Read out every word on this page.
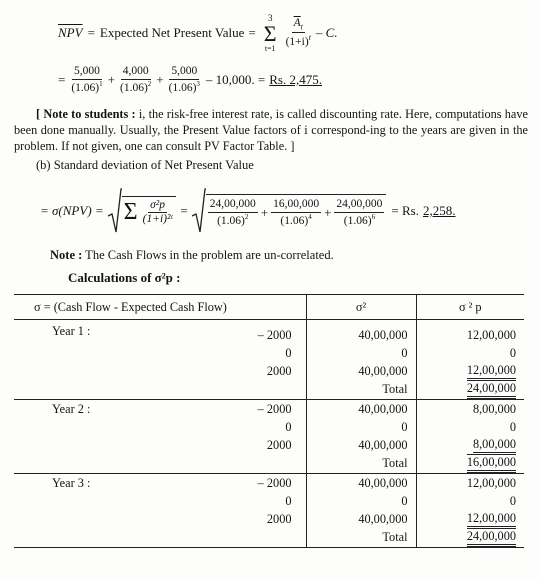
$\overline{NPV}$ = Expected Net Present Value =
3
Σ
$t=1 \frac{\overline{A}_t}{(1+i)^t} - C$.
= $\frac{5,000}{(1.06)^1} + \frac{4,000}{(1.06)^2} + \frac{5,000}{(1.06)^3} - 10,000$. = Rs. 2,475.
[ Note to students : i, the risk-free interest rate, is called discounting rate. Here, computations have been done manually. Usually, the Present Value factors of i correspond-ing to the years are given in the problem. If not given, one can consult PV Factor Table. ]
(b) Standard deviation of Net Present Value
= σ(NPV) = Σ $\frac{\text{σ²p}}{\text{(1+i)²ᵗ}} = \frac{24,00,000}{(1.06)^2} + \frac{16,00,000}{(1.06)^4} + \frac{24,00,000}{(1.06)^6} = Rs$. 2,258.
Note : The Cash Flows in the problem are un-correlated.
Calculations of σ²p :
σ = (Cash Flow - Expected Cash Flow)	σ²	σ ² p

Year 1 : – 2000	40,00,000	12,00,000

0	0	0

2000	40,00,000	12,00,000
	Total	24,00,000

Year 2 : – 2000	40,00,000	8,00,000

0	0	0

2000	40,00,000	8,00,000
	Total	16,00,000

Year 3 : – 2000	40,00,000	12,00,000

0	0	0

2000	40,00,000	12,00,000
	Total	24,00,000
